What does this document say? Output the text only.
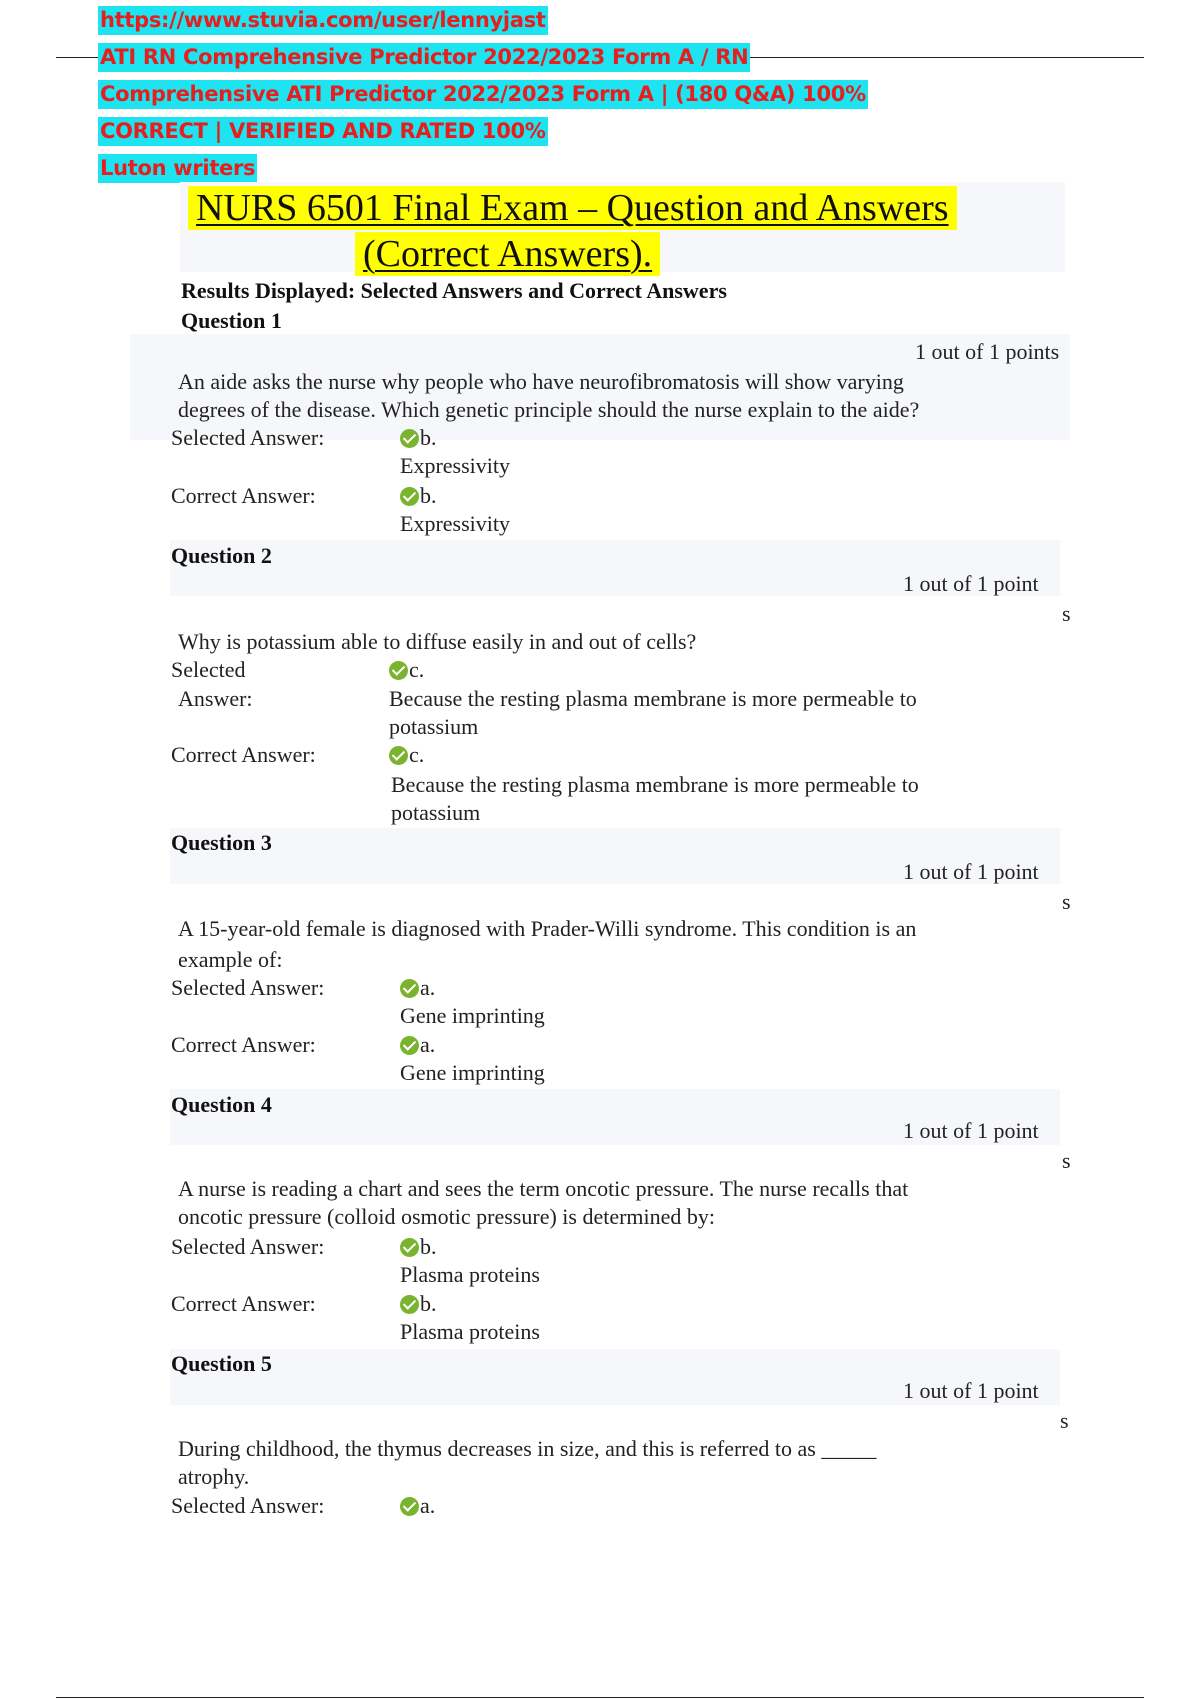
https://www.stuvia.com/user/lennyjast
ATI RN Comprehensive Predictor 2022/2023 Form A / RN
Comprehensive ATI Predictor 2022/2023 Form A | (180 Q&A) 100%
CORRECT | VERIFIED AND RATED 100%
Luton writers
NURS 6501 Final Exam – Question and Answers
(Correct Answers).
Results Displayed: Selected Answers and Correct Answers
Question 1
1 out of 1 points
An aide asks the nurse why people who have neurofibromatosis will show varying
degrees of the disease. Which genetic principle should the nurse explain to the aide?
Selected Answer:	b.
Expressivity
Correct Answer:	b.
Expressivity
Question 2
1 out of 1 point
s
Why is potassium able to diffuse easily in and out of cells?
Selected
Answer:
c.
Because the resting plasma membrane is more permeable to
potassium
Correct Answer:	c.
Because the resting plasma membrane is more permeable to
potassium
Question 3
1 out of 1 point
s
A 15-year-old female is diagnosed with Prader-Willi syndrome. This condition is an
example of:
Selected Answer:	a.
Gene imprinting
Correct Answer:	a.
Gene imprinting
Question 4
1 out of 1 point
s
A nurse is reading a chart and sees the term oncotic pressure. The nurse recalls that
oncotic pressure (colloid osmotic pressure) is determined by:
Selected Answer:	b.
Plasma proteins
Correct Answer:	b.
Plasma proteins
Question 5
1 out of 1 point
s
During childhood, the thymus decreases in size, and this is referred to as _____
atrophy.
Selected Answer:	a.
